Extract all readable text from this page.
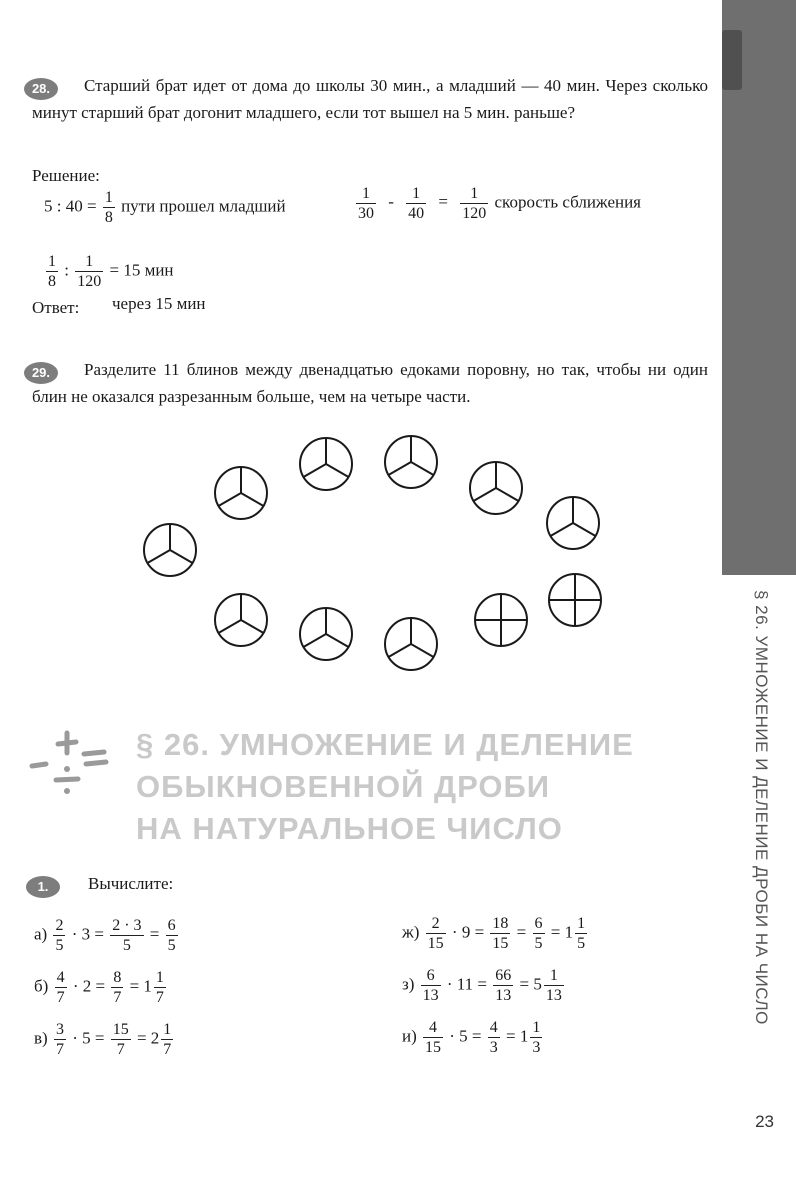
§ 26. УМНОЖЕНИЕ И ДЕЛЕНИЕ ДРОБИ НА ЧИСЛО
28.	Старший брат идет от дома до школы 30 мин., а младший — 40 мин. Через сколько минут старший брат догонит младшего, если тот вышел на 5 мин. раньше?
Решение:
5 : $40 = \frac{1}{8}$ пути прошел младший	$\frac{1}{30} - \frac{1}{40} = \frac{1}{120}$ скорость сближения
$\frac{1}{8}$ : $\frac{1}{120} = 15$ мин
Ответ: через 15 мин
29.	Разделите 11 блинов между двенадцатью едоками поровну, но так, чтобы ни один блин не оказался разрезанным больше, чем на четыре части.
§ 26. УМНОЖЕНИЕ И ДЕЛЕНИЕ
ОБЫКНОВЕННОЙ ДРОБИ
НА НАТУРАЛЬНОЕ ЧИСЛО
1.	Вычислите:
$а) \frac{2}{5} \cdot 3 = \frac{2 \cdot 3}{5} = \frac{6}{5}$
$б) \frac{4}{7} \cdot 2 = \frac{8}{7} = 1 \frac{1}{7}$
$в) \frac{3}{7} \cdot 5 = \frac{15}{7} = 2 \frac{1}{7}$
$ж) \frac{2}{15} \cdot 9 = \frac{18}{15} = \frac{6}{5} = 1 \frac{1}{5}$
$з) \frac{6}{13} \cdot 11 = \frac{66}{13} = 5 \frac{1}{13}$
$и) \frac{4}{15} \cdot 5 = \frac{4}{3} = 1 \frac{1}{3}$
23
